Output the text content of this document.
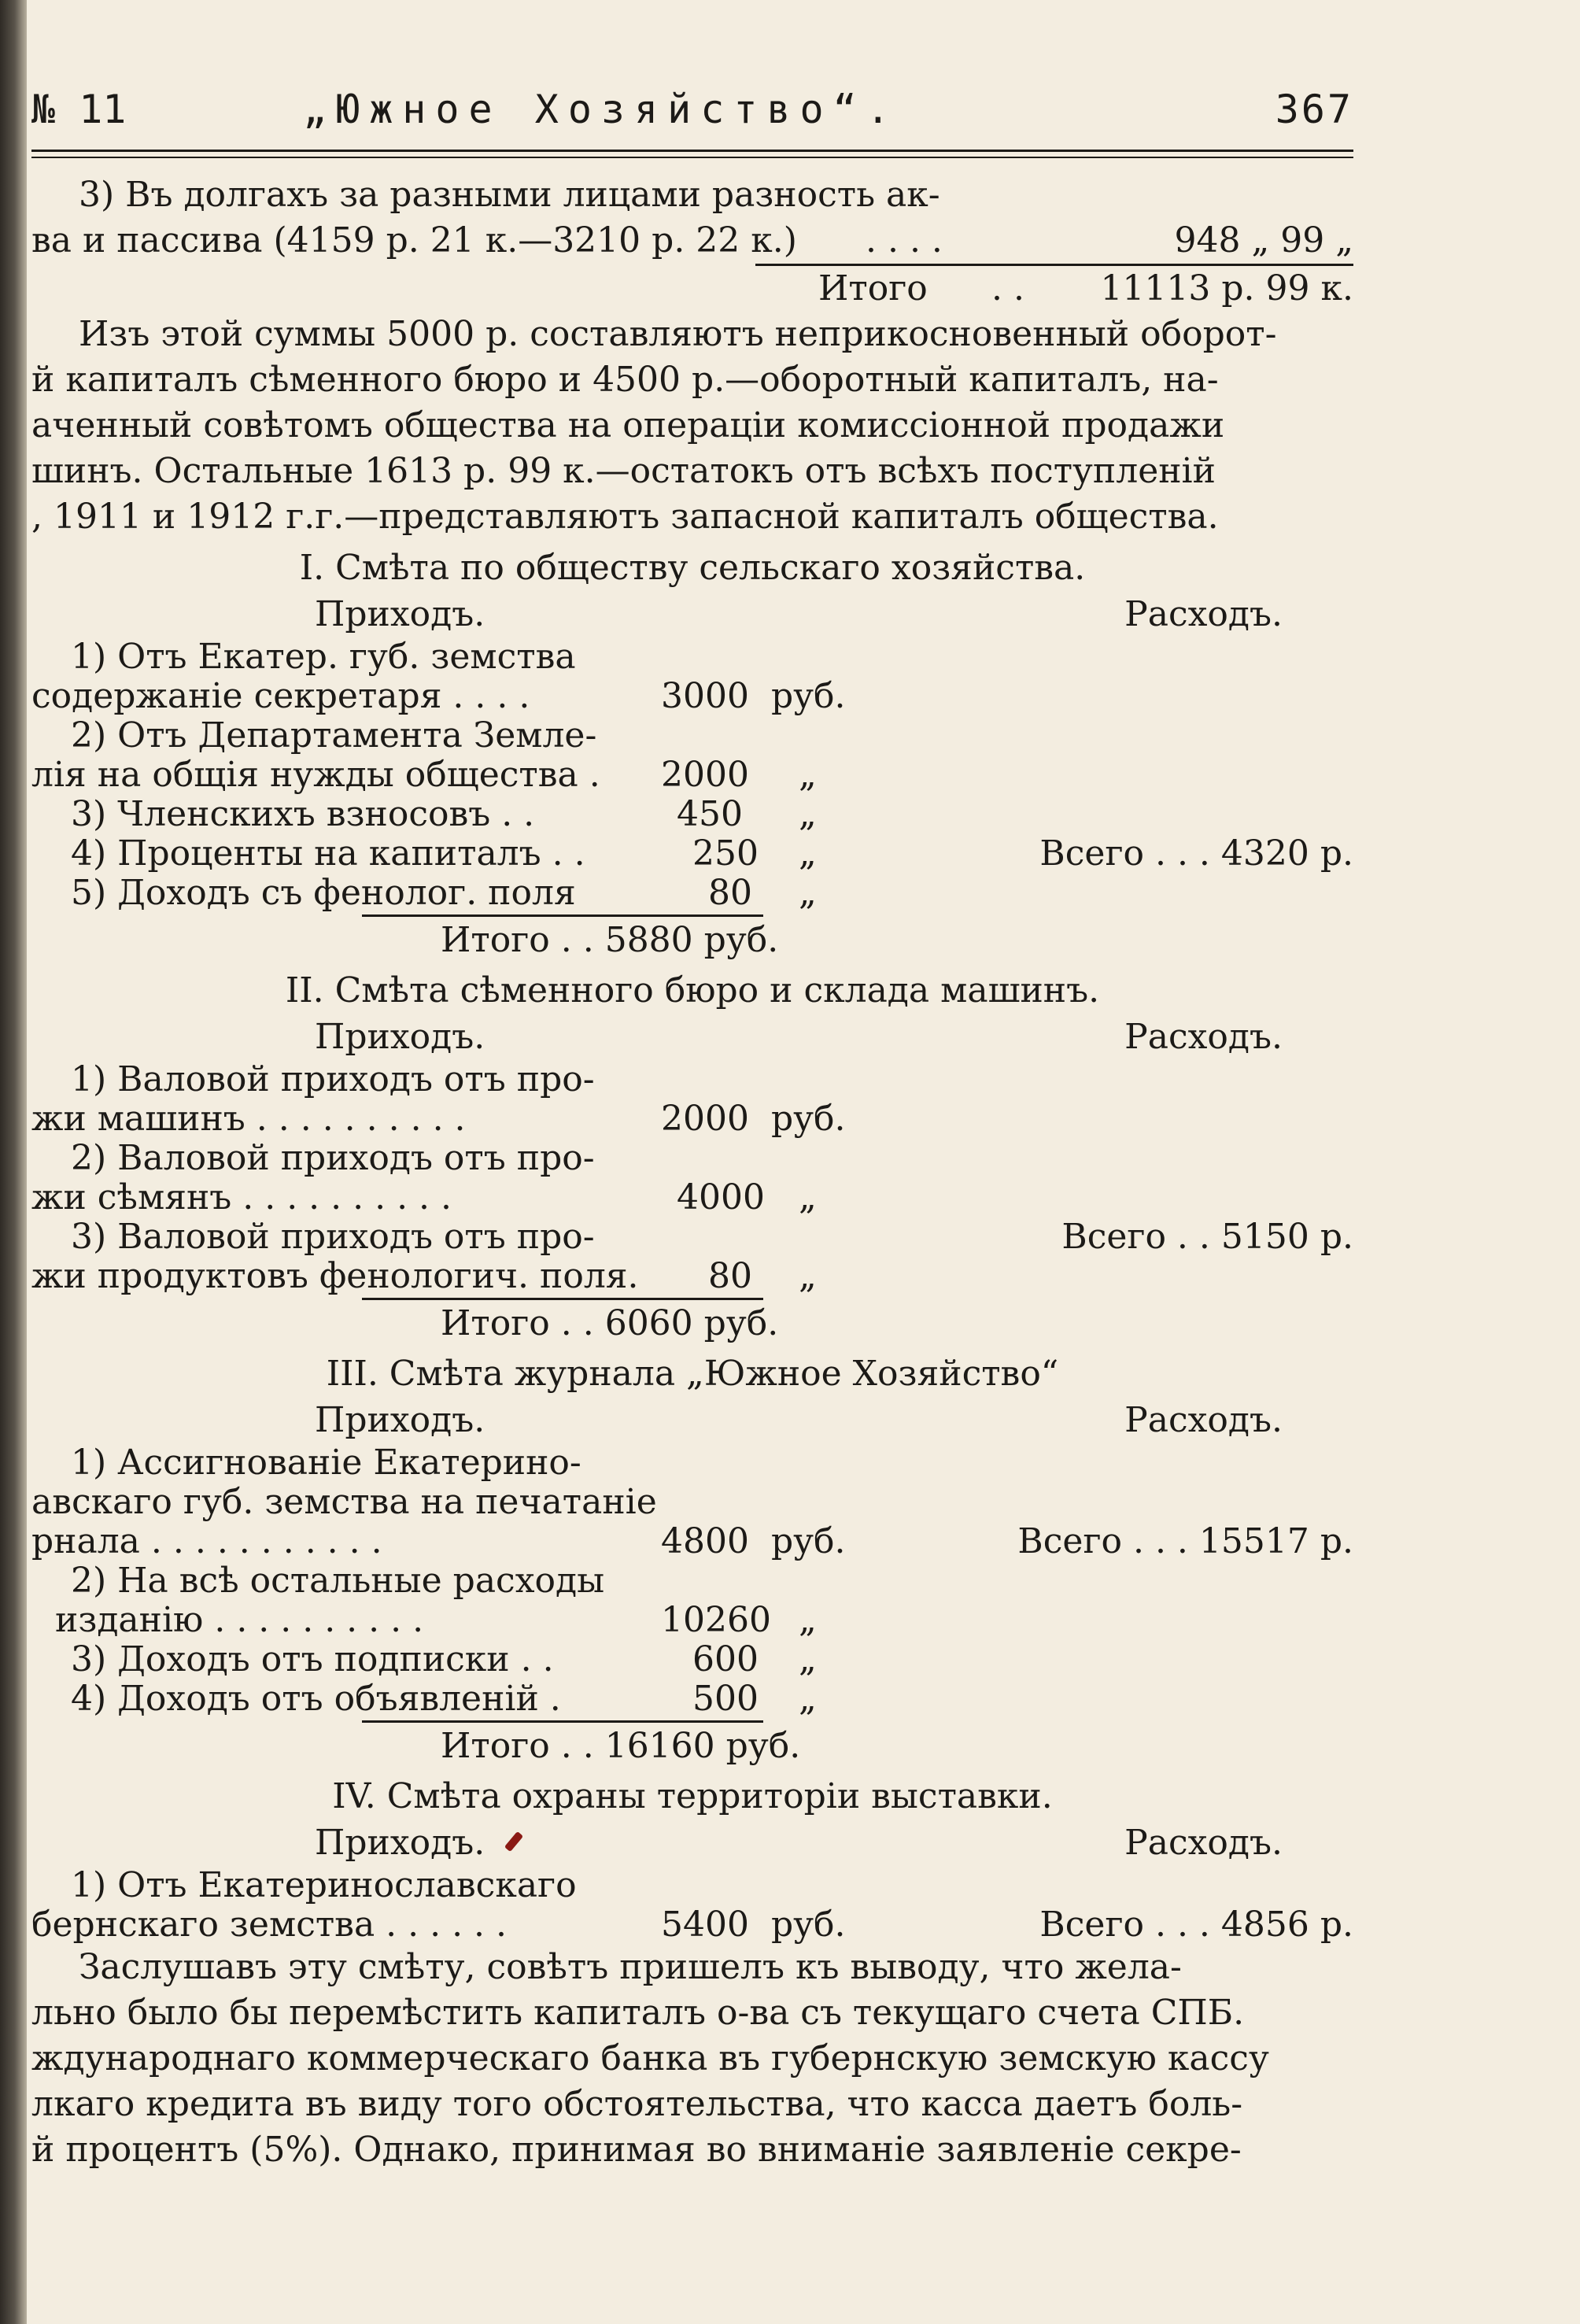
№ 11	„Южное Хозяйство“.	367
3) Въ долгахъ за разными лицами разность ак-
ва и пассива (4159 р. 21 к.—3210 р. 22 к.) . . . .	948 „ 99 „
Итого . . 11113 р. 99 к.
Изъ этой суммы 5000 р. составляютъ неприкосновенный оборот-
й капиталъ сѣменного бюро и 4500 р.—оборотный капиталъ, на-
аченный совѣтомъ общества на операціи комиссіонной продажи
шинъ. Остальные 1613 р. 99 к.—остатокъ отъ всѣхъ поступленій
, 1911 и 1912 г.г.—представляютъ запасной капиталъ общества.
I. Смѣта по обществу сельскаго хозяйства.
Приходъ.	Расходъ.
1) Отъ Екатер. губ. земства
содержаніе секретаря . . . .	3000 руб.
2) Отъ Департамента Земле-
лія на общія нужды общества . 2000 „
3) Членскихъ взносовъ . .	450 „
4) Проценты на капиталъ . .	250 „	Всего . . . 4320 р.
5) Доходъ съ фенолог. поля	80 „
Итого . . 5880 руб.
II. Смѣта сѣменного бюро и склада машинъ.
Приходъ.	Расходъ.
1) Валовой приходъ отъ про-
жи машинъ . . . . . . . . . .	2000 руб.
2) Валовой приходъ отъ про-
жи сѣмянъ . . . . . . . . . .	4000 „
3) Валовой приходъ отъ про-	Всего . . 5150 р.
жи продуктовъ фенологич. поля. 80 „
Итого . . 6060 руб.
III. Смѣта журнала „Южное Хозяйство“
Приходъ.	Расходъ.
1) Ассигнованіе Екатерино-
авскаго губ. земства на печатаніе
рнала . . . . . . . . . . .	4800 руб.	Всего . . . 15517 р.
2) На всѣ остальные расходы
изданію . . . . . . . . . .	10260 „
3) Доходъ отъ подписки . .	600 „
4) Доходъ отъ объявленій .	500 „
Итого . . 16160 руб.
IV. Смѣта охраны территоріи выставки.
Приходъ.	Расходъ.
1) Отъ Екатеринославскаго
бернскаго земства . . . . . .	5400 руб.	Всего . . . 4856 р.
Заслушавъ эту смѣту, совѣтъ пришелъ къ выводу, что жела-
льно было бы перемѣстить капиталъ о-ва съ текущаго счета СПБ.
ждународнаго коммерческаго банка въ губернскую земскую кассу
лкаго кредита въ виду того обстоятельства, что касса даетъ боль-
й процентъ (5%). Однако, принимая во вниманіе заявленіе секре-
